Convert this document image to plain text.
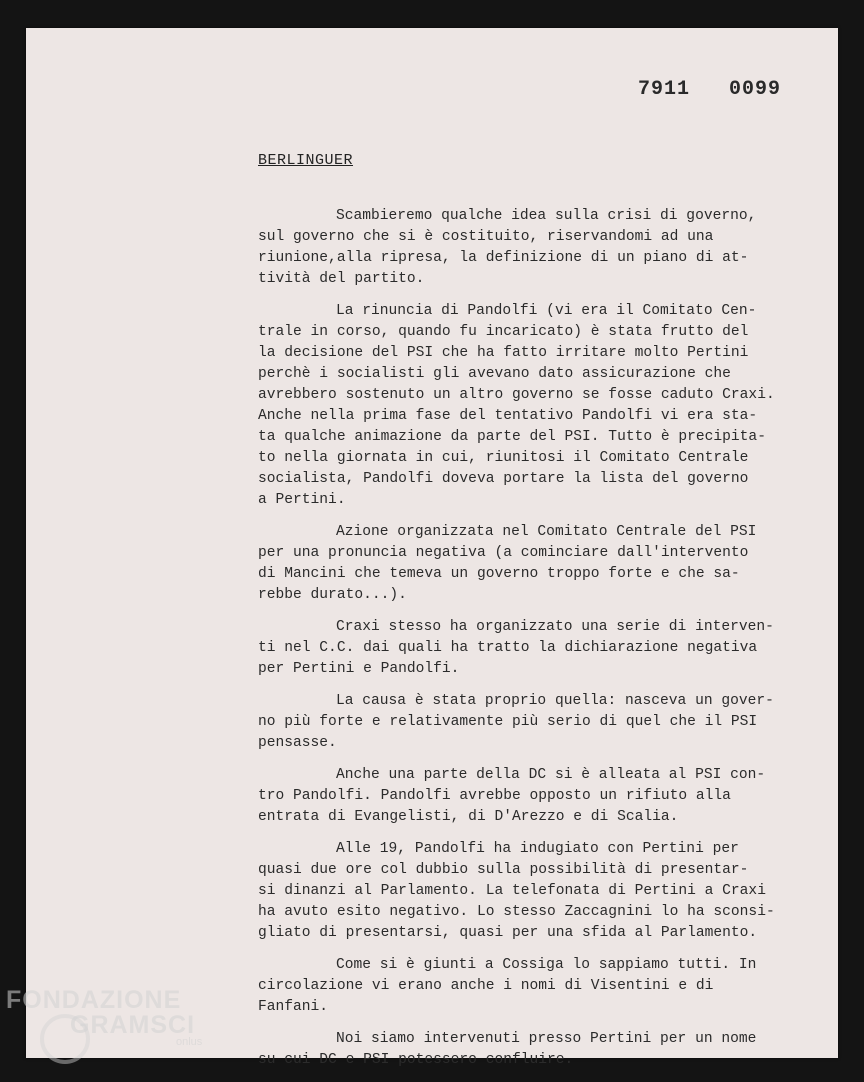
7911   0099
BERLINGUER
Scambieremo qualche idea sulla crisi di governo,
sul governo che si è costituito, riservandomi ad una
riunione,alla ripresa, la definizione di un piano di at-
tività del partito.
La rinuncia di Pandolfi (vi era il Comitato Cen-
trale in corso, quando fu incaricato) è stata frutto del
la decisione del PSI che ha fatto irritare molto Pertini
perchè i socialisti gli avevano dato assicurazione che
avrebbero sostenuto un altro governo se fosse caduto Craxi.
Anche nella prima fase del tentativo Pandolfi vi era sta-
ta qualche animazione da parte del PSI. Tutto è precipita-
to nella giornata in cui, riunitosi il Comitato Centrale
socialista, Pandolfi doveva portare la lista del governo
a Pertini.
Azione organizzata nel Comitato Centrale del PSI
per una pronuncia negativa (a cominciare dall'intervento
di Mancini che temeva un governo troppo forte e che sa-
rebbe durato...).
Craxi stesso ha organizzato una serie di interven-
ti nel C.C. dai quali ha tratto la dichiarazione negativa
per Pertini e Pandolfi.
La causa è stata proprio quella: nasceva un gover-
no più forte e relativamente più serio di quel che il PSI
pensasse.
Anche una parte della DC si è alleata al PSI con-
tro Pandolfi. Pandolfi avrebbe opposto un rifiuto alla
entrata di Evangelisti, di D'Arezzo e di Scalia.
Alle 19, Pandolfi ha indugiato con Pertini per
quasi due ore col dubbio sulla possibilità di presentar-
si dinanzi al Parlamento. La telefonata di Pertini a Craxi
ha avuto esito negativo. Lo stesso Zaccagnini lo ha sconsi-
gliato di presentarsi, quasi per una sfida al Parlamento.
Come si è giunti a Cossiga lo sappiamo tutti. In
circolazione vi erano anche i nomi di Visentini e di
Fanfani.
Noi siamo intervenuti presso Pertini per un nome
su cui DC e PSI potessero confluire.
FONDAZIONE
GRAMSCI
onlus
